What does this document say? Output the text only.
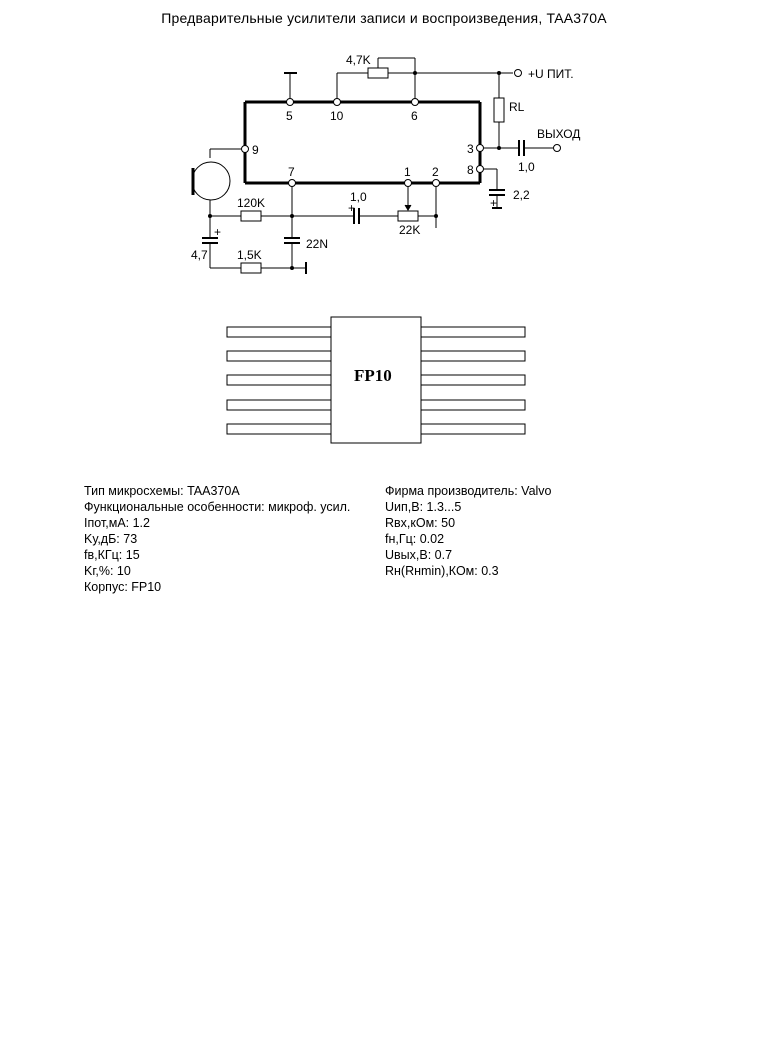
Предварительные усилители записи и воспроизведения, TAA370A
+
+	+
5	10	6
9	3
8
7	1 2
4,7K
+U ПИТ.
RL
ВЫХОД
1,0
2,2
120K	1,0
22K
22N
4,7 1,5K
FP10
Тип микросхемы: TAA370A
Функциональные особенности: микроф. усил.
Iпот,мА: 1.2
Kу,дБ: 73
fв,КГц: 15
Kг,%: 10
Корпус: FP10
Фирма производитель: Valvo
Uип,В: 1.3...5
Rвх,кОм: 50
fн,Гц: 0.02
Uвых,В: 0.7
Rн(Rнmin),КОм: 0.3
